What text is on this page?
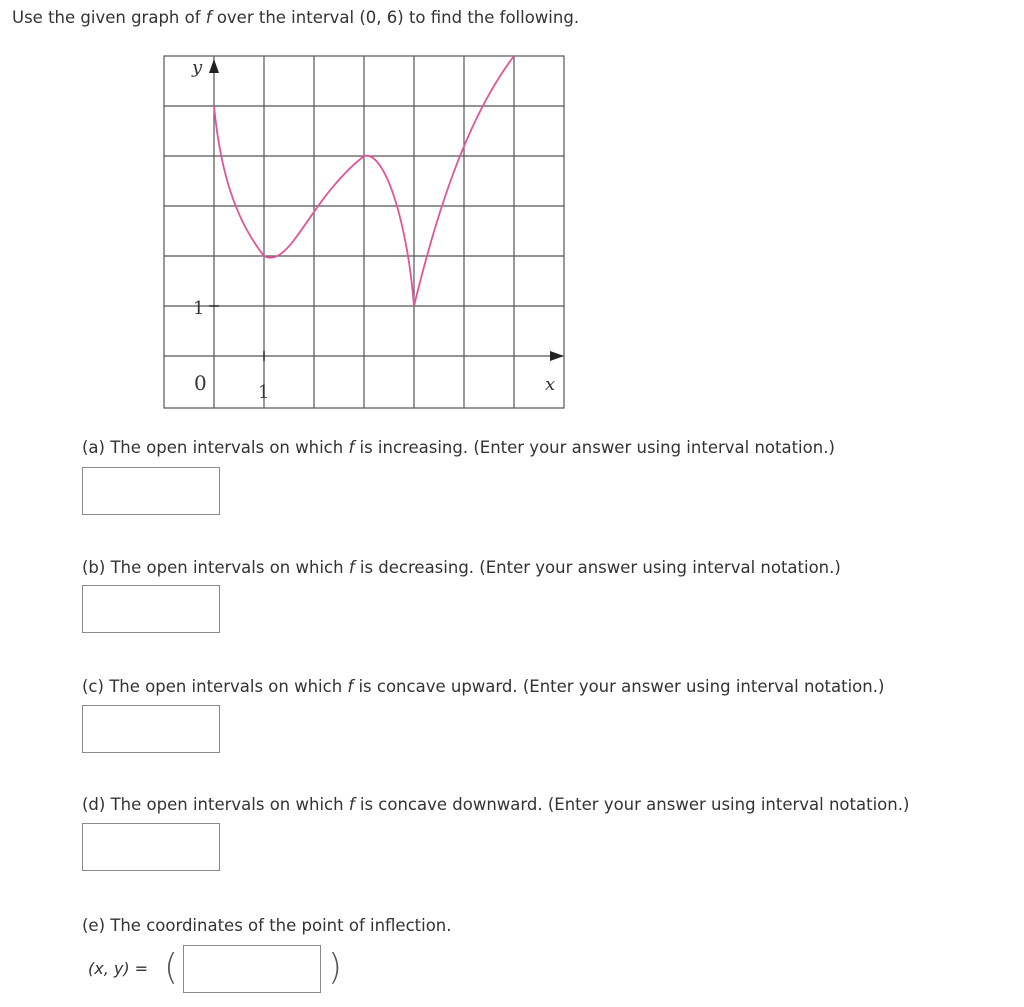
Use the given graph of f over the interval (0, 6) to find the following.
y
x
0	1
1
(a) The open intervals on which f is increasing. (Enter your answer using interval notation.)
(b) The open intervals on which f is decreasing. (Enter your answer using interval notation.)
(c) The open intervals on which f is concave upward. (Enter your answer using interval notation.)
(d) The open intervals on which f is concave downward. (Enter your answer using interval notation.)
(e) The coordinates of the point of inflection.
(x, y) = (	)
